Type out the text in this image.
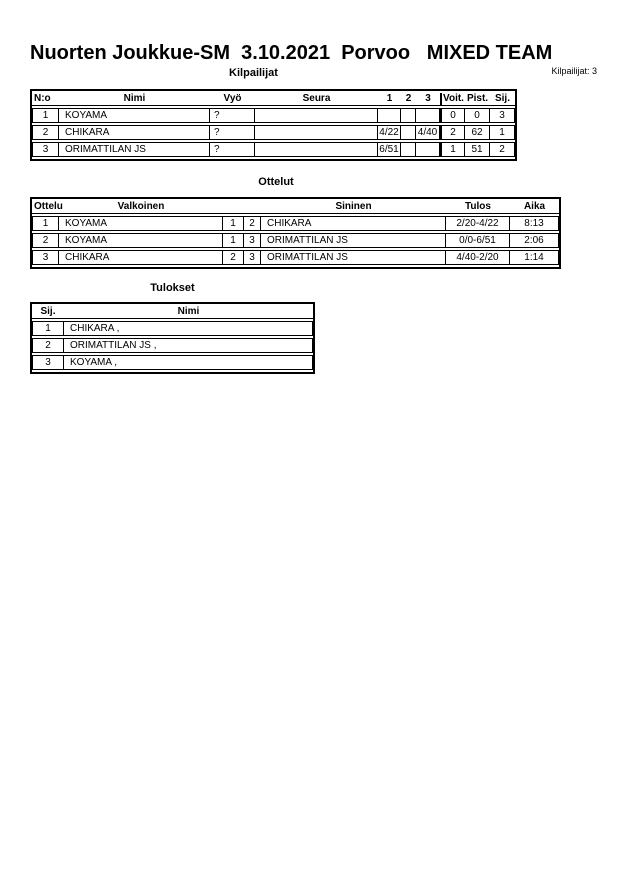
Nuorten Joukkue-SM  3.10.2021  Porvoo   MIXED TEAM
Kilpailijat	Kilpailijat: 3
N:o	Nimi	Vyö	Seura	1	2	3	Voit.	Pist.	Sij.
1	KOYAMA	?					0	0	3
2	CHIKARA	?		4/22		4/40	2	62	1
3	ORIMATTILAN JS	?		6/51			1	51	2
Ottelut
Ottelu	Valkoinen			Sininen	Tulos	Aika
1	KOYAMA	1	2	CHIKARA	2/20-4/22	8:13
2	KOYAMA	1	3	ORIMATTILAN JS	0/0-6/51	2:06
3	CHIKARA	2	3	ORIMATTILAN JS	4/40-2/20	1:14
Tulokset
Sij.	Nimi
1	CHIKARA ,
2	ORIMATTILAN JS ,
3	KOYAMA ,
